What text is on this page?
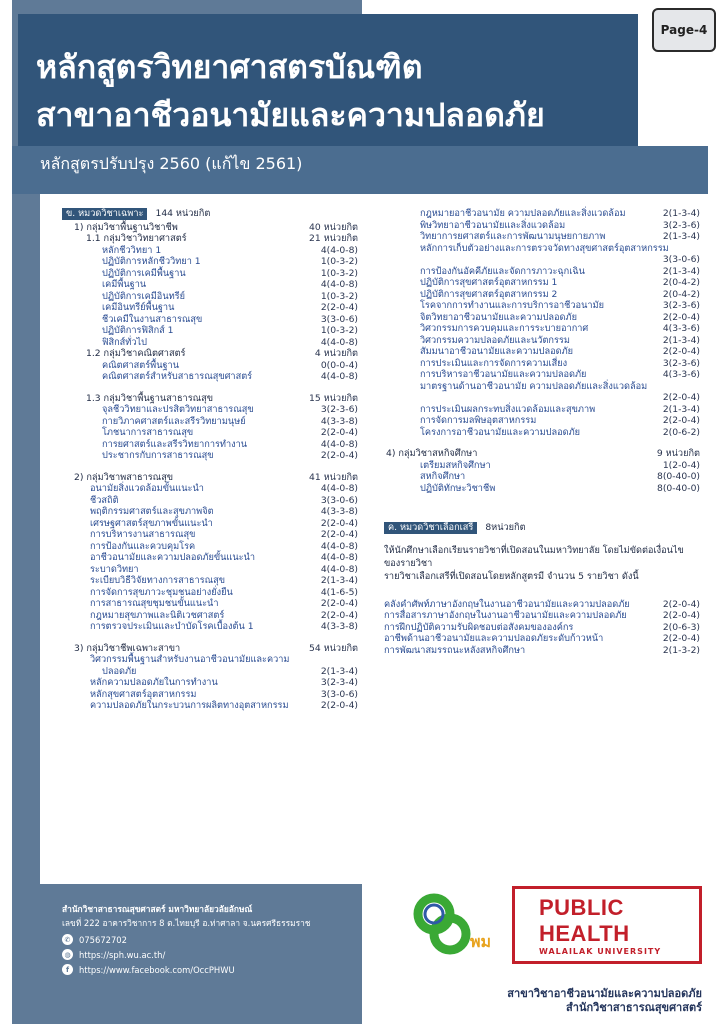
Page-4
หลักสูตรวิทยาศาสตรบัณฑิต
สาขาอาชีวอนามัยและความปลอดภัย
หลักสูตรปรับปรุง 2560 (แก้ไข 2561)
ข. หมวดวิชาเฉพาะ	144 หน่วยกิต
1) กลุ่มวิชาพื้นฐานวิชาชีพ	40 หน่วยกิต
1.1 กลุ่มวิชาวิทยาศาสตร์	21 หน่วยกิต
หลักชีววิทยา 1	4(4-0-8)
ปฏิบัติการหลักชีววิทยา 1	1(0-3-2)
ปฏิบัติการเคมีพื้นฐาน	1(0-3-2)
เคมีพื้นฐาน	4(4-0-8)
ปฏิบัติการเคมีอินทรีย์	1(0-3-2)
เคมีอินทรีย์พื้นฐาน	2(2-0-4)
ชีวเคมีในงานสาธารณสุข	3(3-0-6)
ปฏิบัติการฟิสิกส์ 1	1(0-3-2)
ฟิสิกส์ทั่วไป	4(4-0-8)
1.2 กลุ่มวิชาคณิตศาสตร์	4 หน่วยกิต
คณิตศาสตร์พื้นฐาน	0(0-0-4)
คณิตศาสตร์สำหรับสาธารณสุขศาสตร์	4(4-0-8)
1.3 กลุ่มวิชาพื้นฐานสาธารณสุข	15 หน่วยกิต
จุลชีววิทยาและปรสิตวิทยาสาธารณสุข	3(2-3-6)
กายวิภาคศาสตร์และสรีรวิทยามนุษย์	4(3-3-8)
โภชนาการสาธารณสุข	2(2-0-4)
การยศาสตร์และสรีรวิทยาการทำงาน	4(4-0-8)
ประชากรกับการสาธารณสุข	2(2-0-4)
2) กลุ่มวิชาพสาธารณสุข	41 หน่วยกิต
อนามัยสิ่งแวดล้อมขั้นแนะนำ	4(4-0-8)
ชีวสถิติ	3(3-0-6)
พฤติกรรมศาสตร์และสุขภาพจิต	4(3-3-8)
เศรษฐศาสตร์สุขภาพขั้นแนะนำ	2(2-0-4)
การบริหารงานสาธารณสุข	2(2-0-4)
การป้องกันและควบคุมโรค	4(4-0-8)
อาชีวอนามัยและความปลอดภัยขั้นแนะนำ	4(4-0-8)
ระบาดวิทยา	4(4-0-8)
ระเบียบวิธีวิจัยทางการสาธารณสุข	2(1-3-4)
การจัดการสุขภาวะชุมชนอย่างยั่งยืน	4(1-6-5)
การสาธารณสุขชุมชนขั้นแนะนำ	2(2-0-4)
กฎหมายสุขภาพและนิติเวชศาสตร์	2(2-0-4)
การตรวจประเมินและบำบัดโรคเบื้องต้น 1	4(3-3-8)
3) กลุ่มวิชาชีพเฉพาะสาขา	54 หน่วยกิต
วิศวกรรมพื้นฐานสำหรับงานอาชีวอนามัยและความ
ปลอดภัย	2(1-3-4)
หลักความปลอดภัยในการทำงาน	3(2-3-4)
หลักสุขศาสตร์อุตสาหกรรม	3(3-0-6)
ความปลอดภัยในกระบวนการผลิตทางอุตสาหกรรม	2(2-0-4)
กฎหมายอาชีวอนามัย ความปลอดภัยและสิ่งแวดล้อม	2(1-3-4)
พิษวิทยาอาชีวอนามัยและสิ่งแวดล้อม	3(2-3-6)
วิทยาการยศาสตร์และการพัฒนามนุษยกายภาพ	2(1-3-4)
หลักการเก็บตัวอย่างและการตรวจวัดทางสุขศาสตร์อุตสาหกรรม
3(3-0-6)
การป้องกันอัคคีภัยและจัดการภาวะฉุกเฉิน	2(1-3-4)
ปฏิบัติการสุขศาสตร์อุตสาหกรรม 1	2(0-4-2)
ปฏิบัติการสุขศาสตร์อุตสาหกรรม 2	2(0-4-2)
โรคจากการทำงานและการบริการอาชีวอนามัย	3(2-3-6)
จิตวิทยาอาชีวอนามัยและความปลอดภัย	2(2-0-4)
วิศวกรรมการควบคุมและการระบายอากาศ	4(3-3-6)
วิศวกรรมความปลอดภัยและนวัตกรรม	2(1-3-4)
สัมมนาอาชีวอนามัยและความปลอดภัย	2(2-0-4)
การประเมินและการจัดการความเสี่ยง	3(2-3-6)
การบริหารอาชีวอนามัยและความปลอดภัย	4(3-3-6)
มาตรฐานด้านอาชีวอนามัย ความปลอดภัยและสิ่งแวดล้อม
2(2-0-4)
การประเมินผลกระทบสิ่งแวดล้อมและสุขภาพ	2(1-3-4)
การจัดการมลพิษอุตสาหกรรม	2(2-0-4)
โครงการอาชีวอนามัยและความปลอดภัย	2(0-6-2)
4) กลุ่มวิชาสหกิจศึกษา	9 หน่วยกิต
เตรียมสหกิจศึกษา	1(2-0-4)
สหกิจศึกษา	8(0-40-0)
ปฏิบัติทักษะวิชาชีพ	8(0-40-0)
ค. หมวดวิชาเลือกเสรี	8หน่วยกิต
ให้นักศึกษาเลือกเรียนรายวิชาที่เปิดสอนในมหาวิทยาลัย โดยไม่ขัดต่อเงื่อนไข
ของรายวิชา
รายวิชาเลือกเสรีที่เปิดสอนโดยหลักสูตรมี จำนวน 5 รายวิชา ดังนี้
คลังคำศัพท์ภาษาอังกฤษในงานอาชีวอนามัยและความปลอดภัย	2(2-0-4)
การสื่อสารภาษาอังกฤษในงานอาชีวอนามัยและความปลอดภัย	2(2-0-4)
การฝึกปฏิบัติความรับผิดชอบต่อสังคมขององค์กร	2(0-6-3)
อาชีพด้านอาชีวอนามัยและความปลอดภัยระดับก้าวหน้า	2(2-0-4)
การพัฒนาสมรรถนะหลังสหกิจศึกษา	2(1-3-2)
สำนักวิชาสาธารณสุขศาสตร์ มหาวิทยาลัยวลัยลักษณ์
เลขที่ 222 อาคารวิชาการ 8 ต.ไทยบุรี อ.ท่าศาลา จ.นครศรีธรรมราช
✆	075672702
◍ https://sph.wu.ac.th/
f	https://www.facebook.com/OccPHWU
พม
PUBLIC HEALTH
WALAILAK UNIVERSITY
สาขาวิชาอาชีวอนามัยและความปลอดภัย
สำนักวิชาสาธารณสุขศาสตร์
